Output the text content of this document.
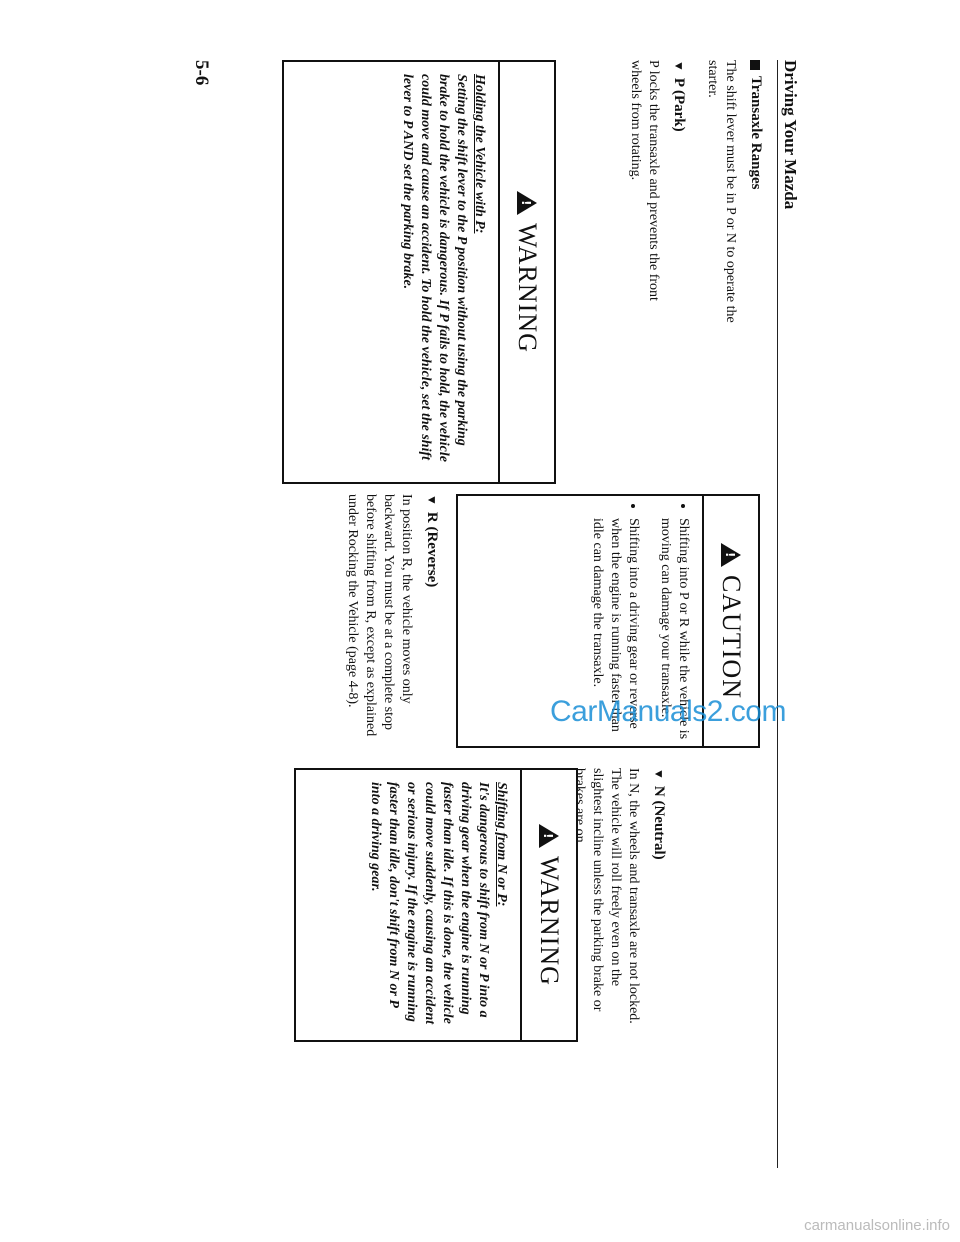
Driving Your Mazda
Transaxle Ranges

The shift lever must be in P or N to operate the starter.

▼
P (Park)

P locks the transaxle and prevents the front wheels from rotating.

!
WARNING
Holding the Vehicle with P:
Setting the shift lever to the P position without using the parking brake to hold the vehicle is dangerous. If P fails to hold, the vehicle could move and cause an accident. To hold the vehicle, set the shift lever to P AND set the parking brake.
!
CAUTION
• Shifting into P or R while the vehicle is moving can damage your transaxle.
• Shifting into a driving gear or reverse when the engine is running faster than idle can damage the transaxle.
▼
R (Reverse)

In position R, the vehicle moves only backward. You must be at a complete stop before shifting from R, except as explained under Rocking the Vehicle (page 4-8).

▼
N (Neutral)

In N, the wheels and transaxle are not locked. The vehicle will roll freely even on the slightest incline unless the parking brake or brakes are on.

!
WARNING
Shifting from N or P:
It's dangerous to shift from N or P into a driving gear when the engine is running faster than idle. If this is done, the vehicle could move suddenly, causing an accident or serious injury. If the engine is running faster than idle, don't shift from N or P into a driving gear.
5-6
CarManuals2.com
carmanualsonline.info
